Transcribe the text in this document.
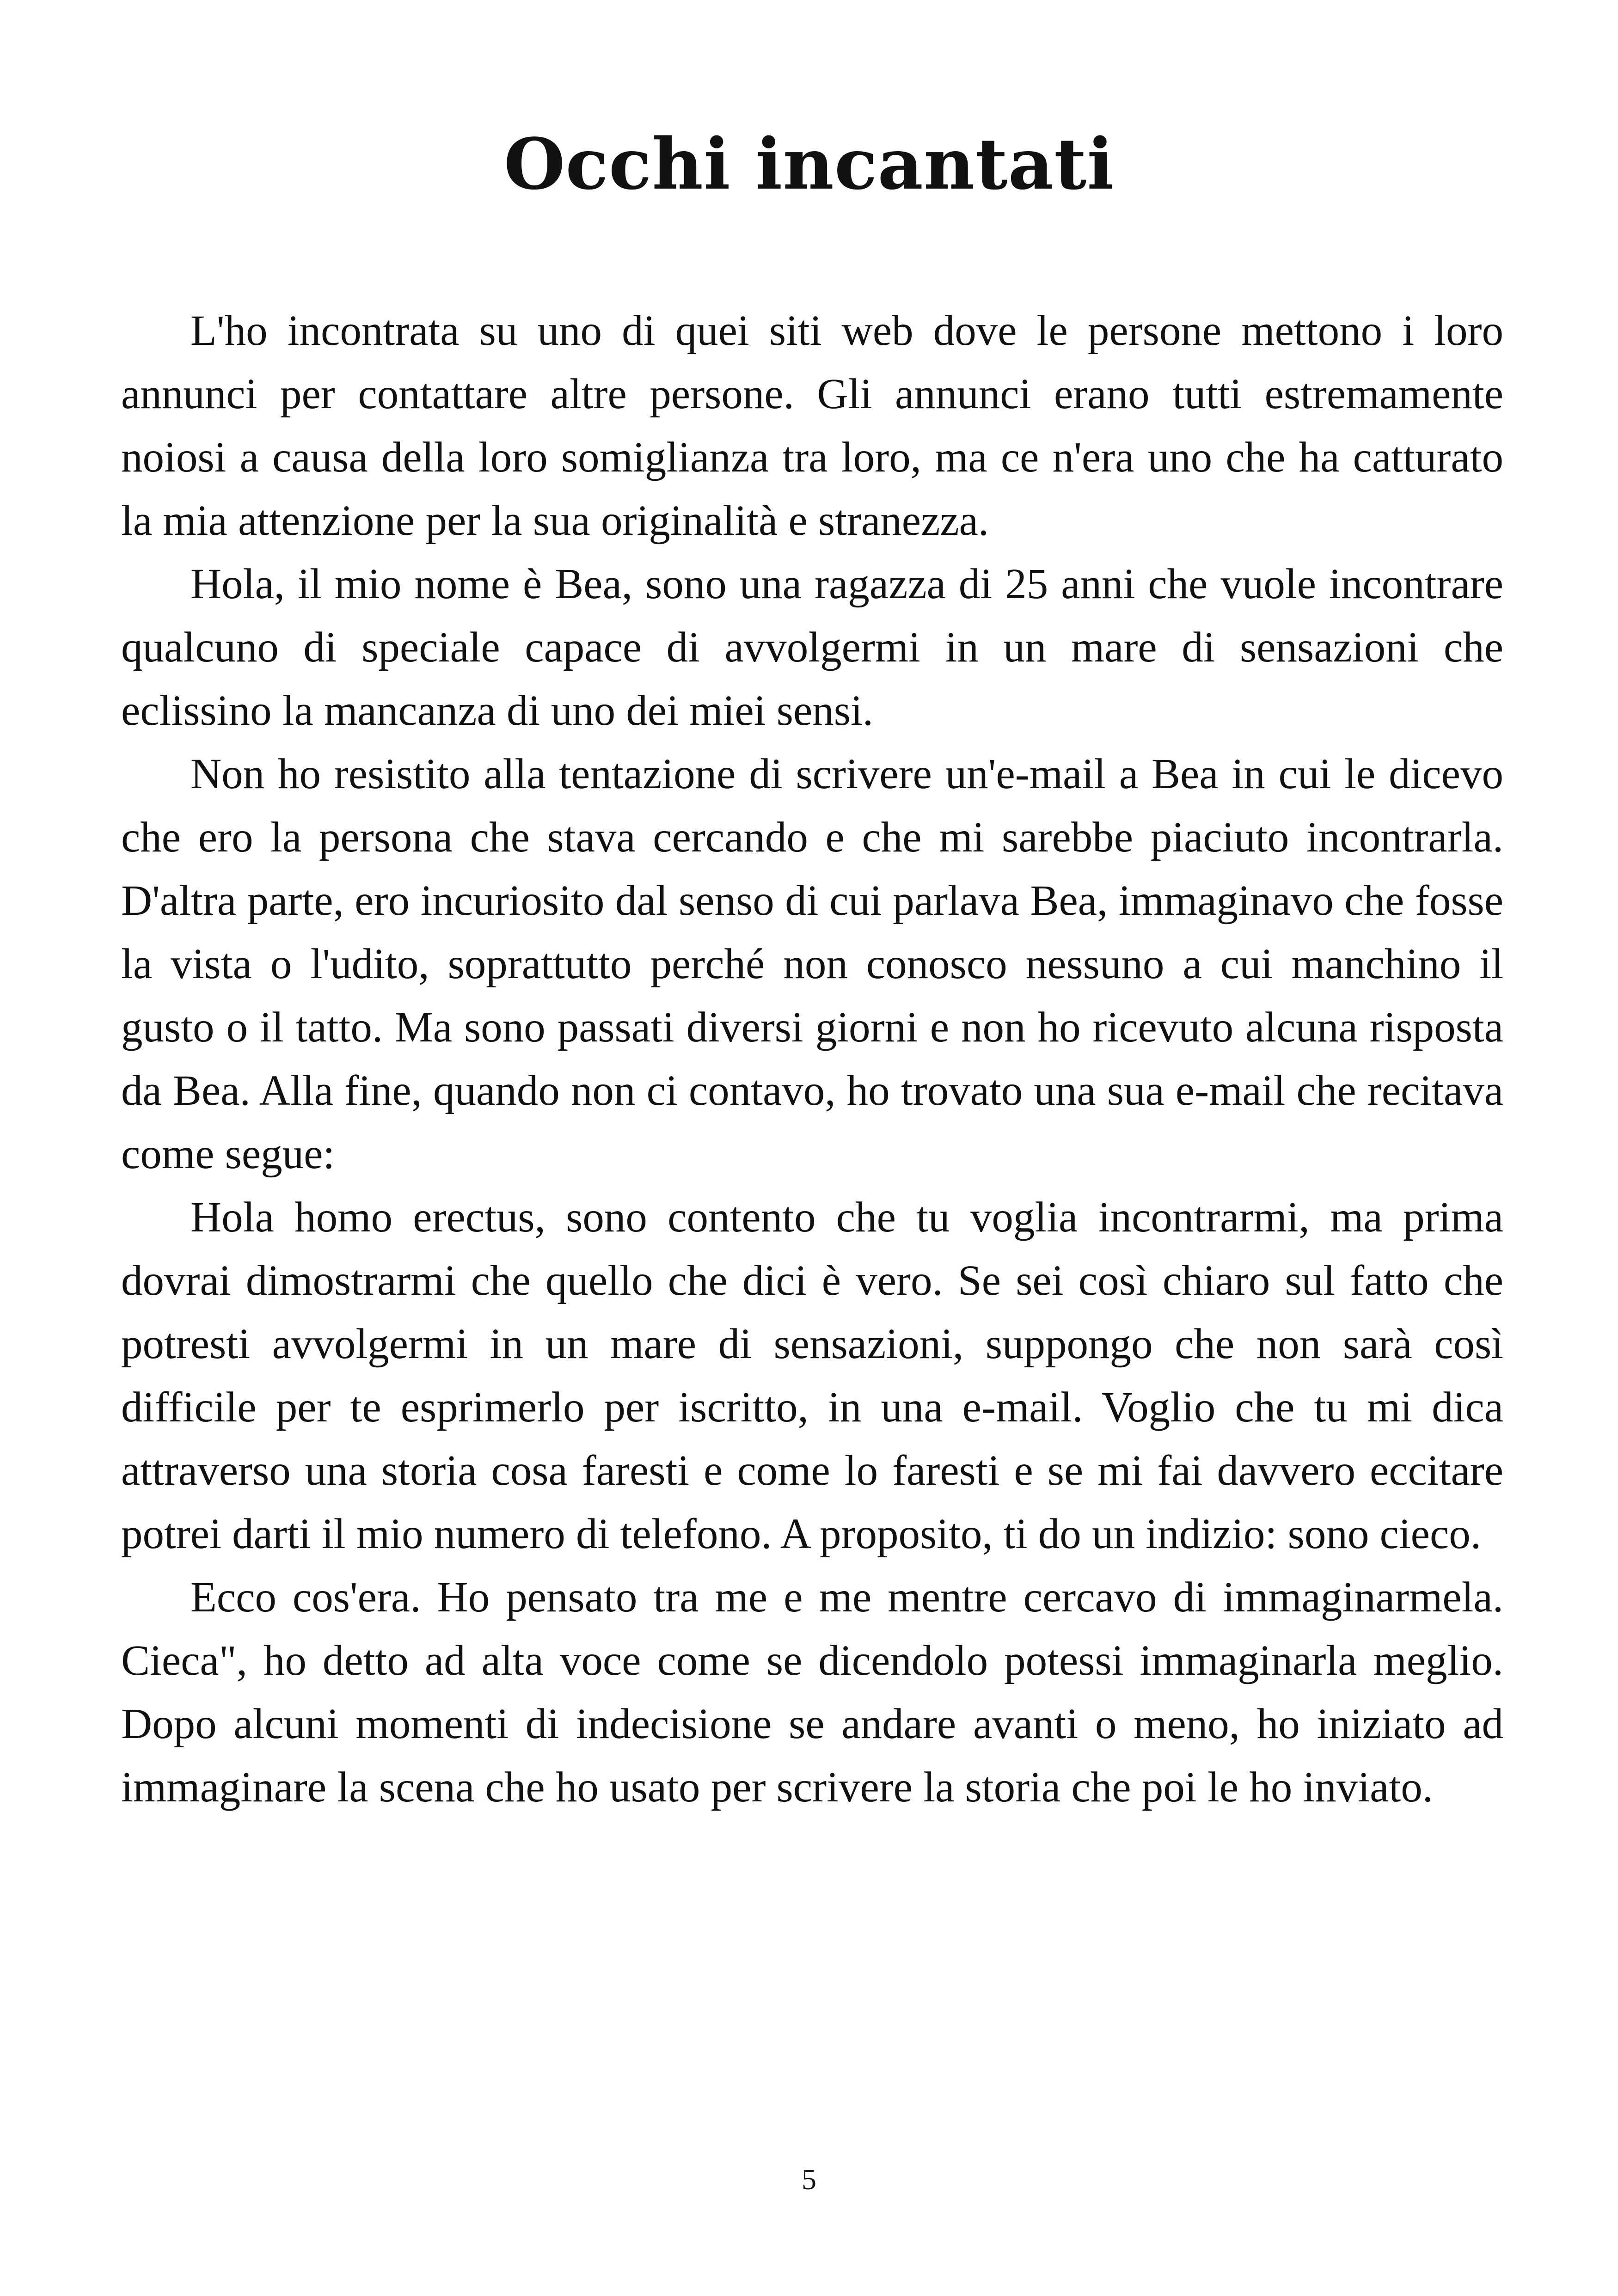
Occhi incantati

L'ho incontrata su uno di quei siti web dove le persone mettono i loro annunci per contattare altre persone. Gli annunci erano tutti estremamente noiosi a causa della loro somiglianza tra loro, ma ce n'era uno che ha catturato la mia attenzione per la sua originalità e stranezza.

Hola, il mio nome è Bea, sono una ragazza di 25 anni che vuole incontrare qualcuno di speciale capace di avvolgermi in un mare di sensazioni che eclissino la mancanza di uno dei miei sensi.

Non ho resistito alla tentazione di scrivere un'e-mail a Bea in cui le dicevo che ero la persona che stava cercando e che mi sarebbe piaciuto incontrarla. D'altra parte, ero incuriosito dal senso di cui parlava Bea, immaginavo che fosse la vista o l'udito, soprattutto perché non conosco nessuno a cui manchino il gusto o il tatto. Ma sono passati diversi giorni e non ho ricevuto alcuna risposta da Bea. Alla fine, quando non ci contavo, ho trovato una sua e-mail che recitava come segue:

Hola homo erectus, sono contento che tu voglia incontrarmi, ma prima dovrai dimostrarmi che quello che dici è vero. Se sei così chiaro sul fatto che potresti avvolgermi in un mare di sensazioni, suppongo che non sarà così difficile per te esprimerlo per iscritto, in una e-mail. Voglio che tu mi dica attraverso una storia cosa faresti e come lo faresti e se mi fai davvero eccitare potrei darti il mio numero di telefono. A proposito, ti do un indizio: sono cieco.

Ecco cos'era. Ho pensato tra me e me mentre cercavo di immaginarmela. Cieca", ho detto ad alta voce come se dicendolo potessi immaginarla meglio. Dopo alcuni momenti di indecisione se andare avanti o meno, ho iniziato ad immaginare la scena che ho usato per scrivere la storia che poi le ho inviato.

5
